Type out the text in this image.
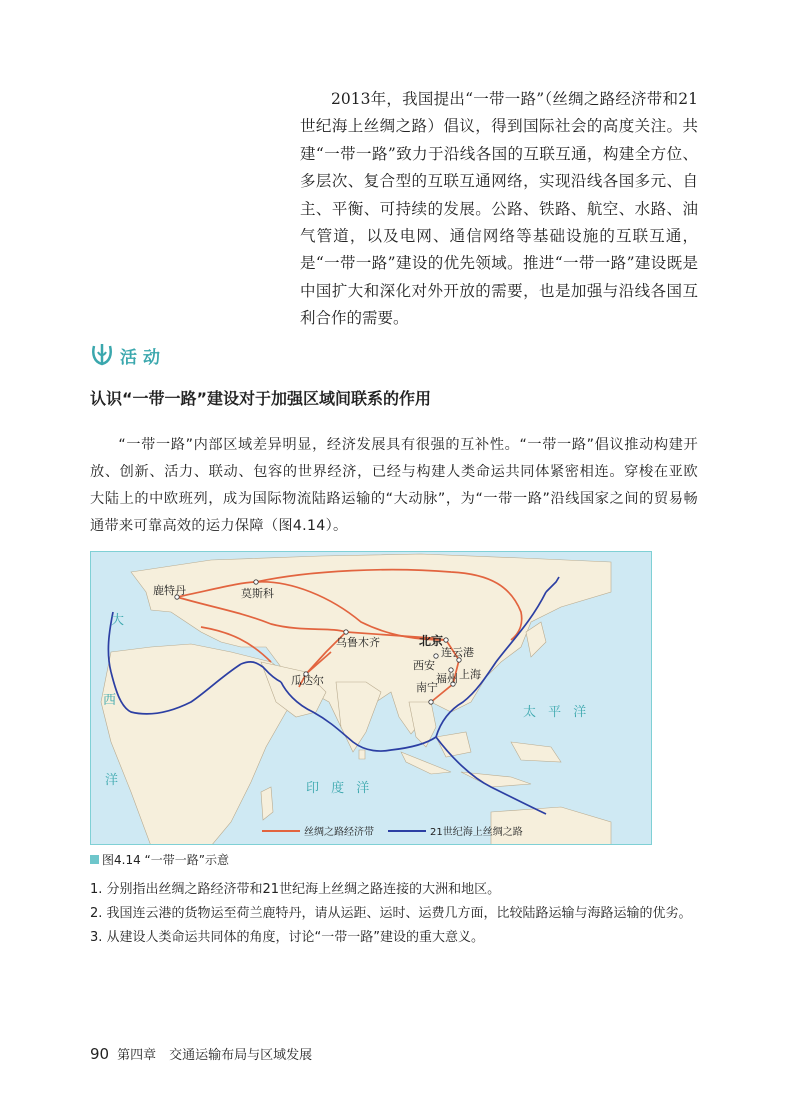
2013年，我国提出“一带一路”（丝绸之路经济带和21世纪海上丝绸之路）倡议，得到国际社会的高度关注。共建“一带一路”致力于沿线各国的互联互通，构建全方位、多层次、复合型的互联互通网络，实现沿线各国多元、自主、平衡、可持续的发展。公路、铁路、航空、水路、油气管道，以及电网、通信网络等基础设施的互联互通，是“一带一路”建设的优先领域。推进“一带一路”建设既是中国扩大和深化对外开放的需要，也是加强与沿线各国互利合作的需要。

活动

认识“一带一路”建设对于加强区域间联系的作用

“一带一路”内部区域差异明显，经济发展具有很强的互补性。“一带一路”倡议推动构建开放、创新、活力、联动、包容的世界经济，已经与构建人类命运共同体紧密相连。穿梭在亚欧大陆上的中欧班列，成为国际物流陆路运输的“大动脉”，为“一带一路”沿线国家之间的贸易畅通带来可靠高效的运力保障（图4.14）。

鹿特丹	莫斯科
乌鲁木齐	北京
连云港
西安
上海
福州
南宁
瓜达尔
大
西
洋
太 平 洋
印 度 洋
丝绸之路经济带	21世纪海上丝绸之路
图4.14 “一带一路”示意

1. 分别指出丝绸之路经济带和21世纪海上丝绸之路连接的大洲和地区。

2. 我国连云港的货物运至荷兰鹿特丹，请从运距、运时、运费几方面，比较陆路运输与海路运输的优劣。

3. 从建设人类命运共同体的角度，讨论“一带一路”建设的重大意义。

90 第四章　交通运输布局与区域发展
